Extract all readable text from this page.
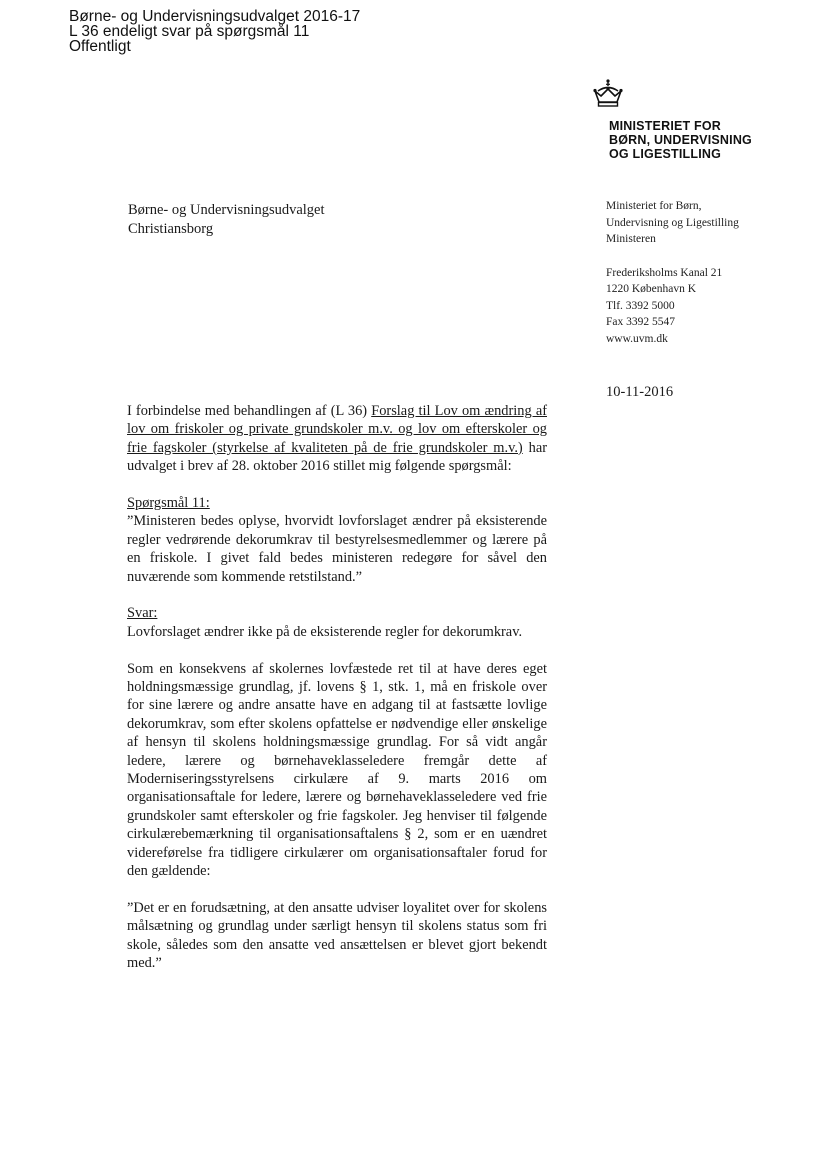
Børne- og Undervisningsudvalget 2016-17
L 36 endeligt svar på spørgsmål 11
Offentligt
MINISTERIET FOR
BØRN, UNDERVISNING
OG LIGESTILLING
Børne- og Undervisningsudvalget
Christiansborg
Ministeriet for Børn,
Undervisning og Ligestilling
Ministeren
Frederiksholms Kanal 21
1220 København K
Tlf. 3392 5000
Fax 3392 5547
www.uvm.dk
10-11-2016

I forbindelse med behandlingen af (L 36) Forslag til Lov om ændring af lov om friskoler og private grundskoler m.v. og lov om efterskoler og frie fagskoler (styrkelse af kvaliteten på de frie grundskoler m.v.) har udvalget i brev af 28. oktober 2016 stillet mig følgende spørgsmål:

Spørgsmål 11:
”Ministeren bedes oplyse, hvorvidt lovforslaget ændrer på eksisterende regler vedrørende dekorumkrav til bestyrelsesmedlemmer og lærere på en friskole. I givet fald bedes ministeren redegøre for såvel den nuværende som kommende retstilstand.”

Svar:
Lovforslaget ændrer ikke på de eksisterende regler for dekorumkrav.

Som en konsekvens af skolernes lovfæstede ret til at have deres eget holdningsmæssige grundlag, jf. lovens § 1, stk. 1, må en friskole over for sine lærere og andre ansatte have en adgang til at fastsætte lovlige dekorumkrav, som efter skolens opfattelse er nødvendige eller ønskelige af hensyn til skolens holdningsmæssige grundlag. For så vidt angår ledere, lærere og børnehaveklasseledere fremgår dette af Moderniseringsstyrelsens cirkulære af 9. marts 2016 om organisationsaftale for ledere, lærere og børnehaveklasseledere ved frie grundskoler samt efterskoler og frie fagskoler. Jeg henviser til følgende cirkulærebemærkning til organisationsaftalens § 2, som er en uændret videreførelse fra tidligere cirkulærer om organisationsaftaler forud for den gældende:

”Det er en forudsætning, at den ansatte udviser loyalitet over for skolens målsætning og grundlag under særligt hensyn til skolens status som fri skole, således som den ansatte ved ansættelsen er blevet gjort bekendt med.”
